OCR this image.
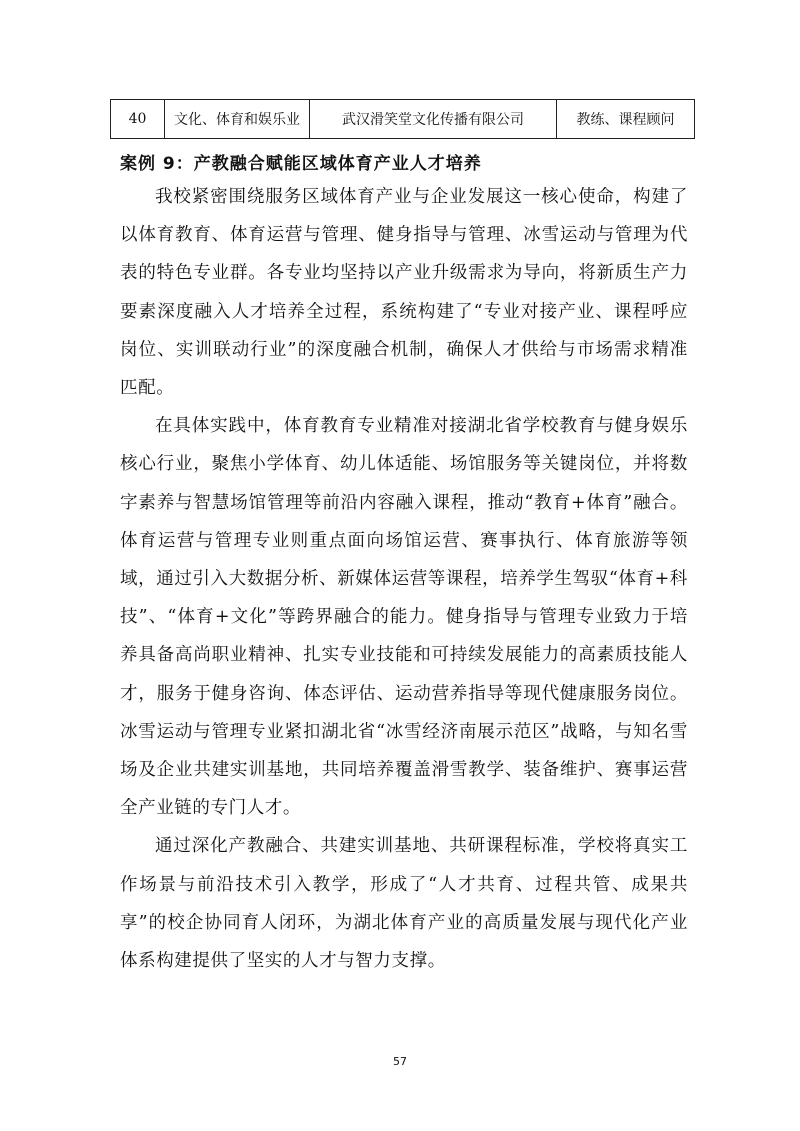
40	文化、体育和娱乐业	武汉滑笑堂文化传播有限公司	教练、课程顾问
案例 9：产教融合赋能区域体育产业人才培养

我校紧密围绕服务区域体育产业与企业发展这一核心使命，构建了以体育教育、体育运营与管理、健身指导与管理、冰雪运动与管理为代表的特色专业群。各专业均坚持以产业升级需求为导向，将新质生产力要素深度融入人才培养全过程，系统构建了“专业对接产业、课程呼应岗位、实训联动行业”的深度融合机制，确保人才供给与市场需求精准匹配。

在具体实践中，体育教育专业精准对接湖北省学校教育与健身娱乐核心行业，聚焦小学体育、幼儿体适能、场馆服务等关键岗位，并将数字素养与智慧场馆管理等前沿内容融入课程，推动“教育+体育”融合。体育运营与管理专业则重点面向场馆运营、赛事执行、体育旅游等领域，通过引入大数据分析、新媒体运营等课程，培养学生驾驭“体育+科技”、“体育+文化”等跨界融合的能力。健身指导与管理专业致力于培养具备高尚职业精神、扎实专业技能和可持续发展能力的高素质技能人才，服务于健身咨询、体态评估、运动营养指导等现代健康服务岗位。冰雪运动与管理专业紧扣湖北省“冰雪经济南展示范区”战略，与知名雪场及企业共建实训基地，共同培养覆盖滑雪教学、装备维护、赛事运营全产业链的专门人才。

通过深化产教融合、共建实训基地、共研课程标准，学校将真实工作场景与前沿技术引入教学，形成了“人才共育、过程共管、成果共享”的校企协同育人闭环，为湖北体育产业的高质量发展与现代化产业体系构建提供了坚实的人才与智力支撑。

57
